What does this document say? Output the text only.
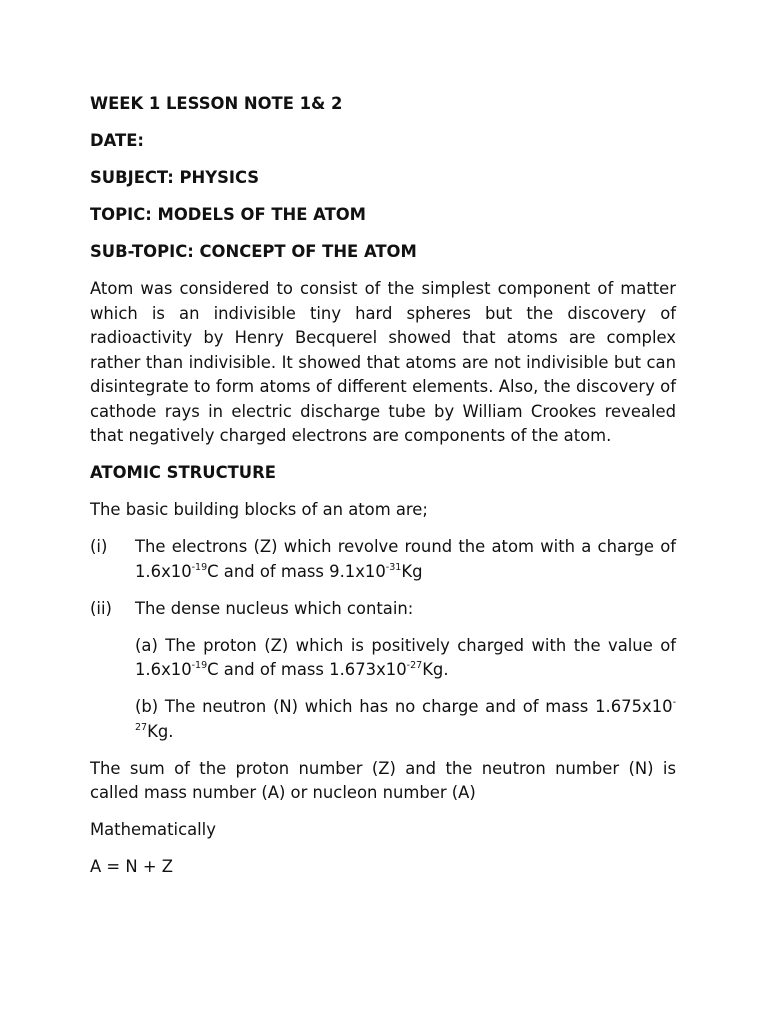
WEEK 1 LESSON NOTE 1& 2

DATE:

SUBJECT: PHYSICS

TOPIC: MODELS OF THE ATOM

SUB-TOPIC: CONCEPT OF THE ATOM

Atom was considered to consist of the simplest component of matter which is an indivisible tiny hard spheres but the discovery of radioactivity by Henry Becquerel showed that atoms are complex rather than indivisible. It showed that atoms are not indivisible but can disintegrate to form atoms of different elements. Also, the discovery of cathode rays in electric discharge tube by William Crookes revealed that negatively charged electrons are components of the atom.

ATOMIC STRUCTURE

The basic building blocks of an atom are;

(i)	The electrons (Z) which revolve round the atom with a charge of $1.6x10^{-19}C$ and of mass $9.1x10^{-31}Kg$
(ii)	The dense nucleus which contain:

(a) The proton (Z) which is positively charged with the value of $1.6x10^{-19}C$ and of mass $1.673x10^{-27}Kg$.

(b) The neutron (N) which has no charge and of mass $1.675x10^{-27}Kg$.

The sum of the proton number (Z) and the neutron number (N) is called mass number (A) or nucleon number (A)

Mathematically

A = N + Z
